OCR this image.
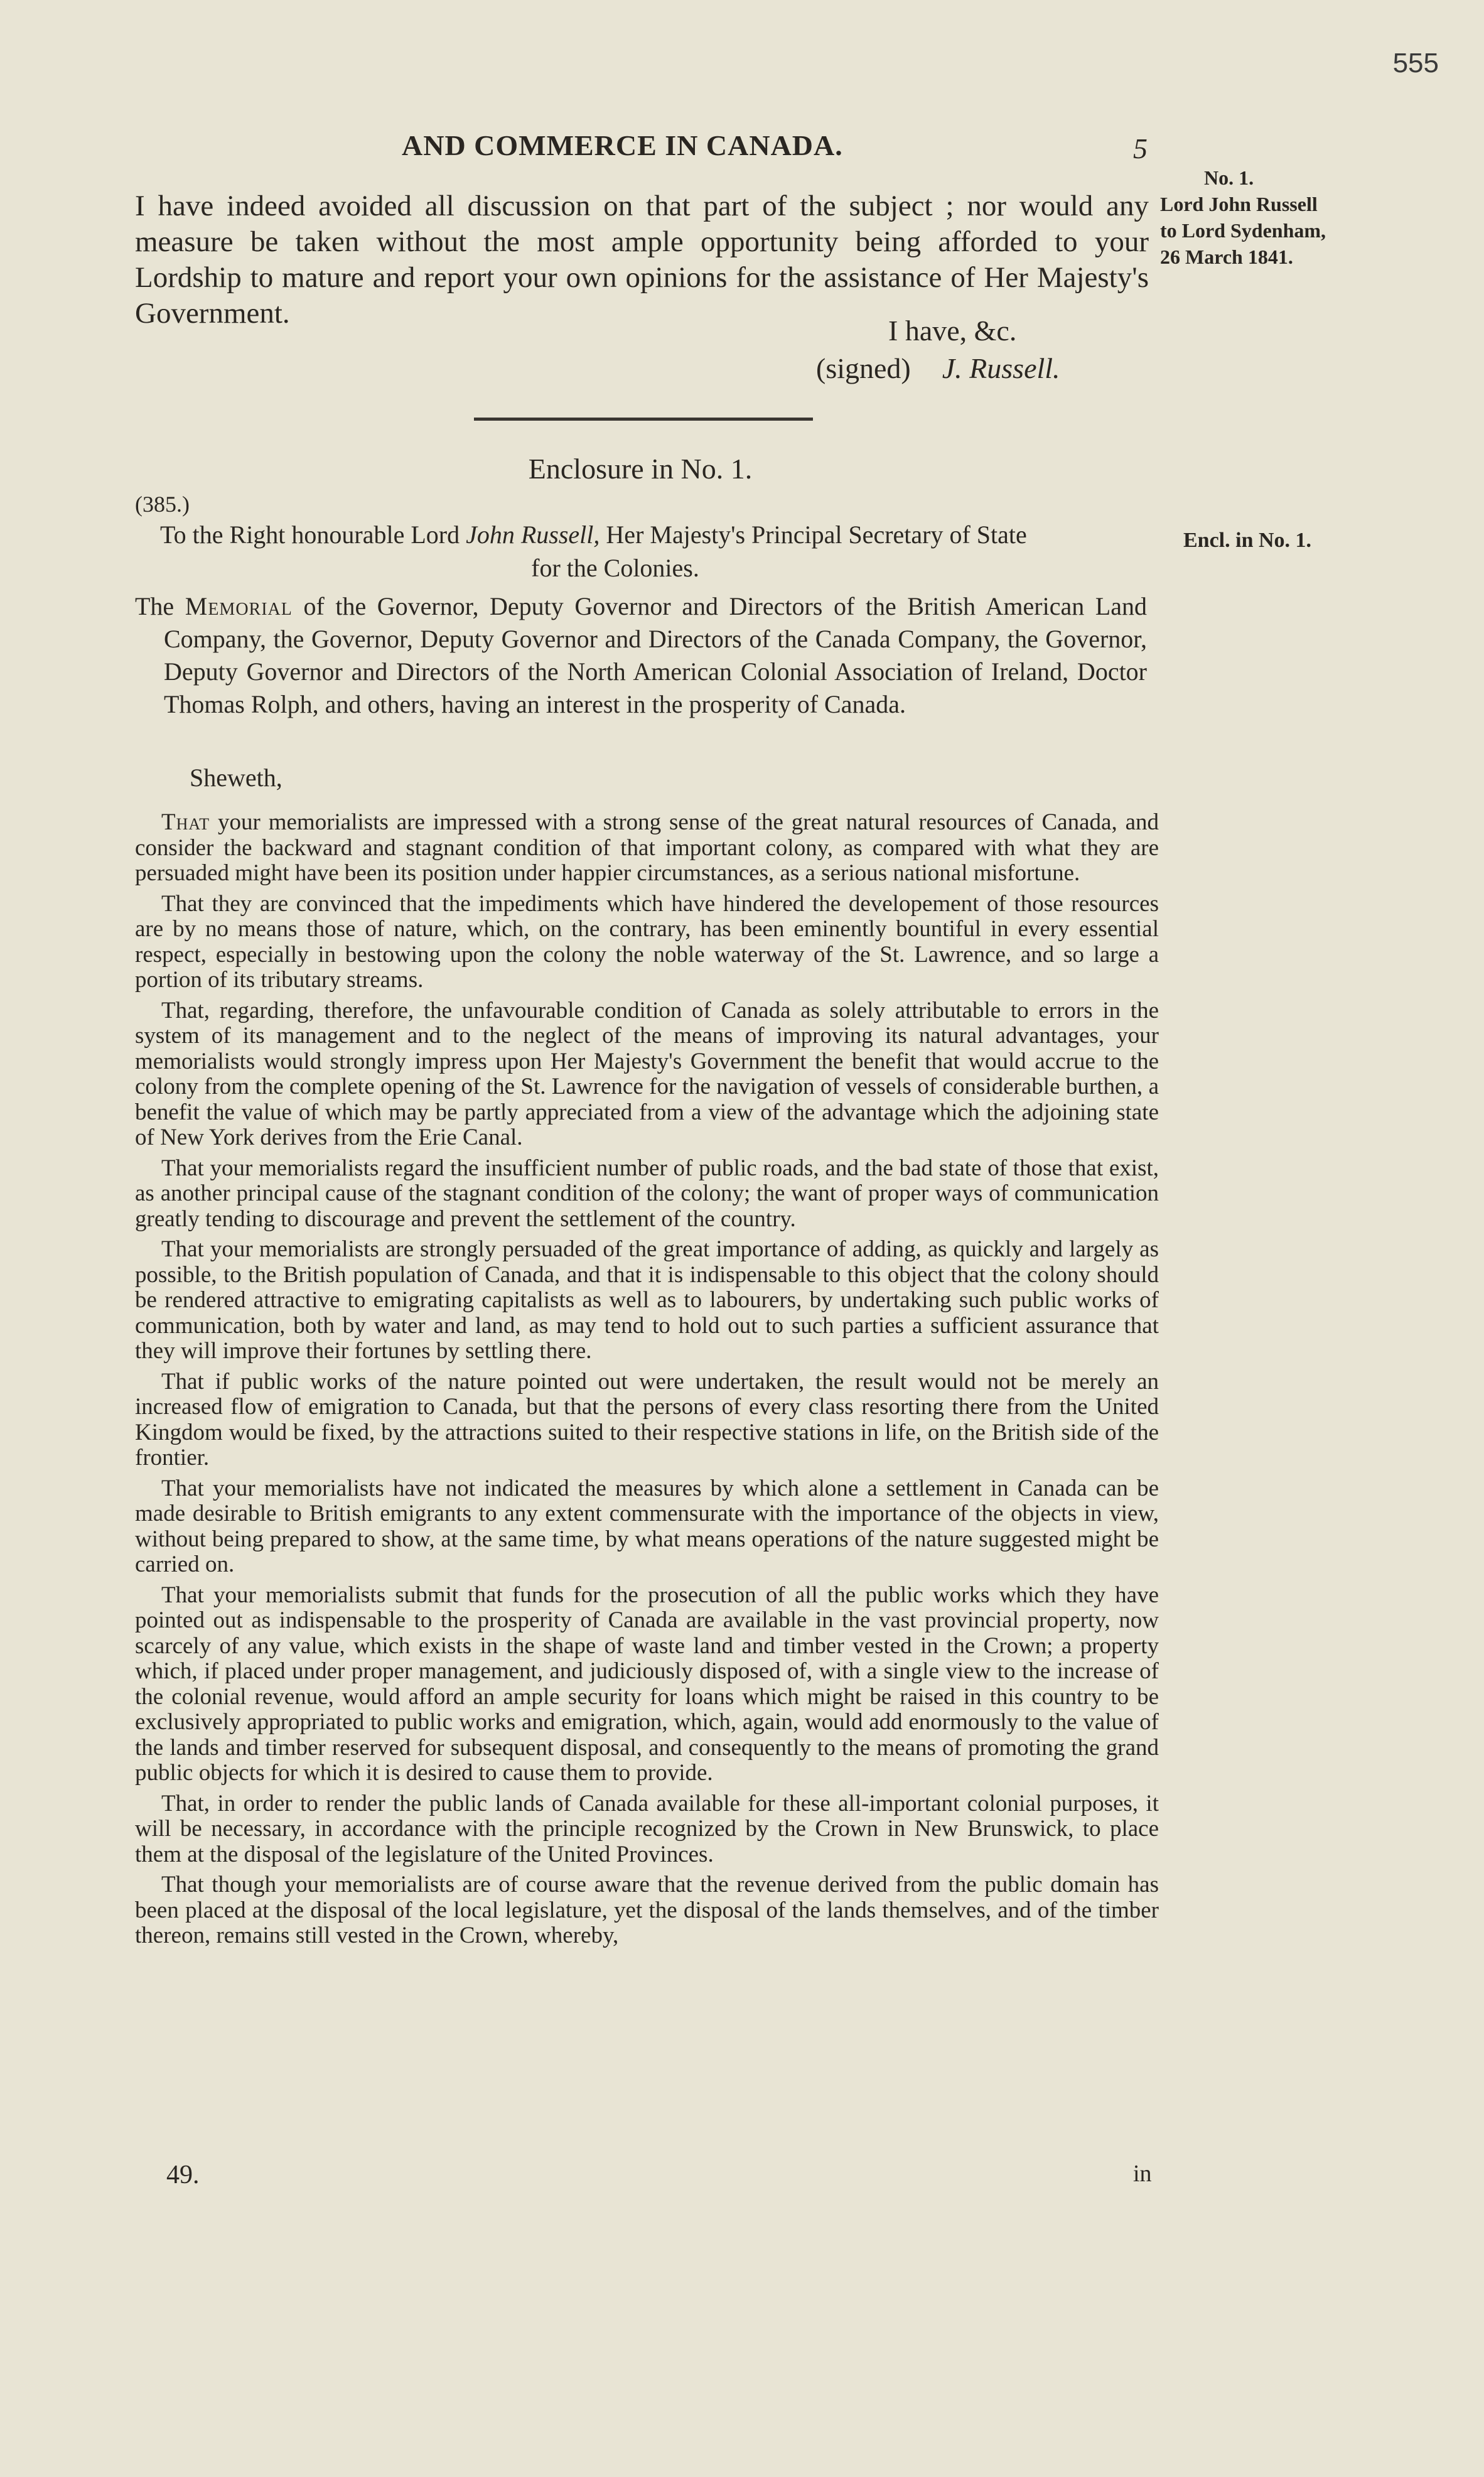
555
AND COMMERCE IN CANADA.	5
No. 1.
Lord John Russell
to Lord Sydenham,
26 March 1841.
I have indeed avoided all discussion on that part of the subject ; nor would any measure be taken without the most ample opportunity being afforded to your Lordship to mature and report your own opinions for the assistance of Her Majesty's Government.
I have, &c.
(signed) J. Russell.
Enclosure in No. 1.
(385.)
Encl. in No. 1.
To the Right honourable Lord John Russell, Her Majesty's Principal Secretary of State
for the Colonies.

The Memorial of the Governor, Deputy Governor and Directors of the British American Land Company, the Governor, Deputy Governor and Directors of the Canada Company, the Governor, Deputy Governor and Directors of the North American Colonial Association of Ireland, Doctor Thomas Rolph, and others, having an interest in the prosperity of Canada.

Sheweth,

That your memorialists are impressed with a strong sense of the great natural resources of Canada, and consider the backward and stagnant condition of that important colony, as compared with what they are persuaded might have been its position under happier circumstances, as a serious national misfortune.

That they are convinced that the impediments which have hindered the developement of those resources are by no means those of nature, which, on the contrary, has been eminently bountiful in every essential respect, especially in bestowing upon the colony the noble waterway of the St. Lawrence, and so large a portion of its tributary streams.

That, regarding, therefore, the unfavourable condition of Canada as solely attributable to errors in the system of its management and to the neglect of the means of improving its natural advantages, your memorialists would strongly impress upon Her Majesty's Government the benefit that would accrue to the colony from the complete opening of the St. Lawrence for the navigation of vessels of considerable burthen, a benefit the value of which may be partly appreciated from a view of the advantage which the adjoining state of New York derives from the Erie Canal.

That your memorialists regard the insufficient number of public roads, and the bad state of those that exist, as another principal cause of the stagnant condition of the colony; the want of proper ways of communication greatly tending to discourage and prevent the settlement of the country.

That your memorialists are strongly persuaded of the great importance of adding, as quickly and largely as possible, to the British population of Canada, and that it is indispensable to this object that the colony should be rendered attractive to emigrating capitalists as well as to labourers, by undertaking such public works of communication, both by water and land, as may tend to hold out to such parties a sufficient assurance that they will improve their fortunes by settling there.

That if public works of the nature pointed out were undertaken, the result would not be merely an increased flow of emigration to Canada, but that the persons of every class resorting there from the United Kingdom would be fixed, by the attractions suited to their respective stations in life, on the British side of the frontier.

That your memorialists have not indicated the measures by which alone a settlement in Canada can be made desirable to British emigrants to any extent commensurate with the importance of the objects in view, without being prepared to show, at the same time, by what means operations of the nature suggested might be carried on.

That your memorialists submit that funds for the prosecution of all the public works which they have pointed out as indispensable to the prosperity of Canada are available in the vast provincial property, now scarcely of any value, which exists in the shape of waste land and timber vested in the Crown; a property which, if placed under proper management, and judiciously disposed of, with a single view to the increase of the colonial revenue, would afford an ample security for loans which might be raised in this country to be exclusively appropriated to public works and emigration, which, again, would add enormously to the value of the lands and timber reserved for subsequent disposal, and consequently to the means of promoting the grand public objects for which it is desired to cause them to provide.

That, in order to render the public lands of Canada available for these all-important colonial purposes, it will be necessary, in accordance with the principle recognized by the Crown in New Brunswick, to place them at the disposal of the legislature of the United Provinces.

That though your memorialists are of course aware that the revenue derived from the public domain has been placed at the disposal of the local legislature, yet the disposal of the lands themselves, and of the timber thereon, remains still vested in the Crown, whereby,

49.	in
